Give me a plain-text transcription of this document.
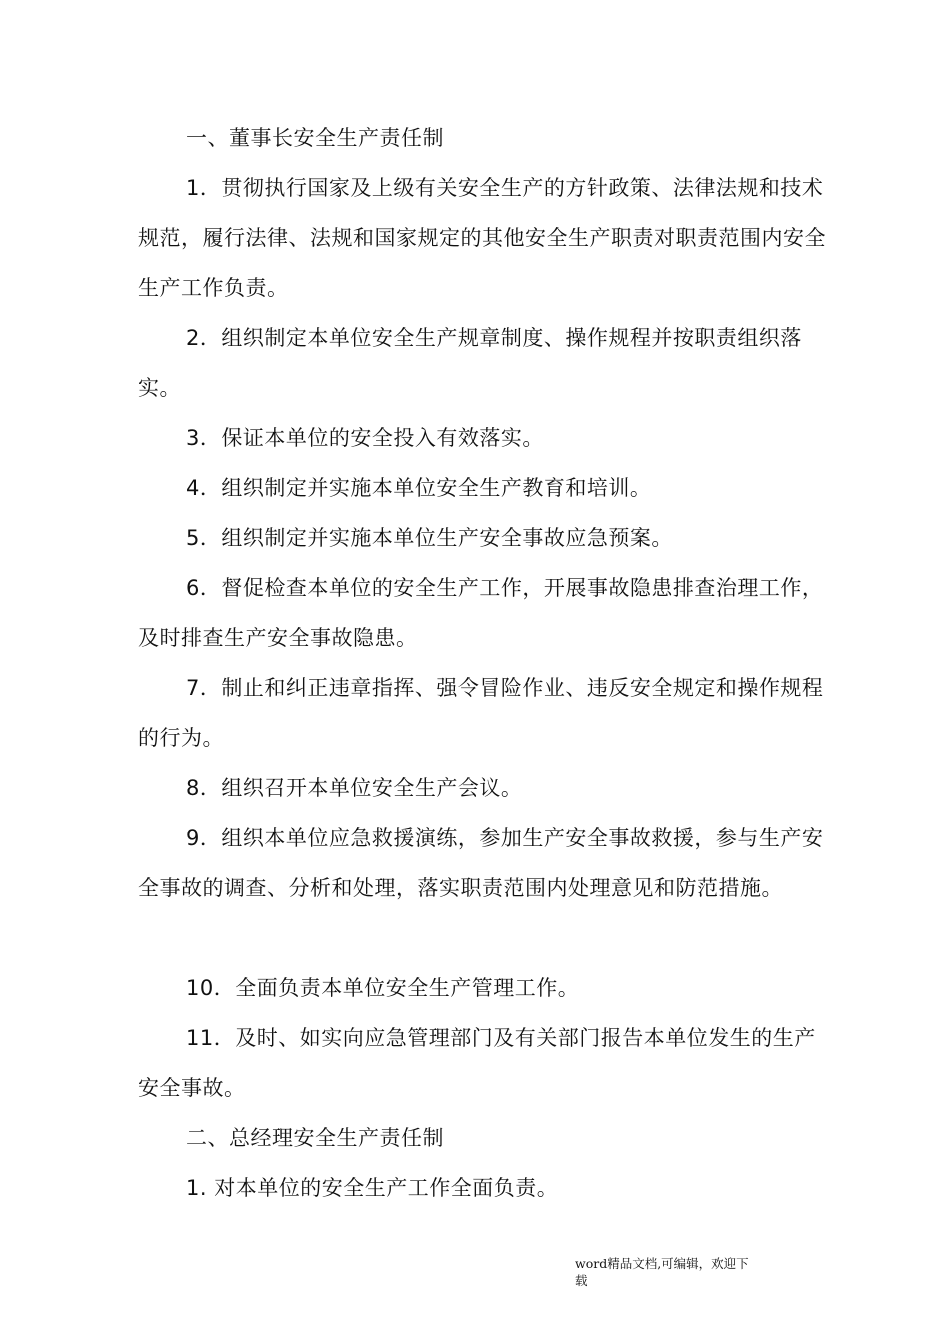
一、董事长安全生产责任制

1．贯彻执行国家及上级有关安全生产的方针政策、法律法规和技术规范，履行法律、法规和国家规定的其他安全生产职责对职责范围内安全生产工作负责。

2．组织制定本单位安全生产规章制度、操作规程并按职责组织落实。

3．保证本单位的安全投入有效落实。

4．组织制定并实施本单位安全生产教育和培训。

5．组织制定并实施本单位生产安全事故应急预案。

6．督促检查本单位的安全生产工作，开展事故隐患排查治理工作，及时排查生产安全事故隐患。

7．制止和纠正违章指挥、强令冒险作业、违反安全规定和操作规程的行为。

8．组织召开本单位安全生产会议。

9．组织本单位应急救援演练，参加生产安全事故救援，参与生产安全事故的调查、分析和处理，落实职责范围内处理意见和防范措施。

10．全面负责本单位安全生产管理工作。

11．及时、如实向应急管理部门及有关部门报告本单位发生的生产安全事故。

二、总经理安全生产责任制

1. 对本单位的安全生产工作全面负责。

word精品文档,可编辑，欢迎下
载
